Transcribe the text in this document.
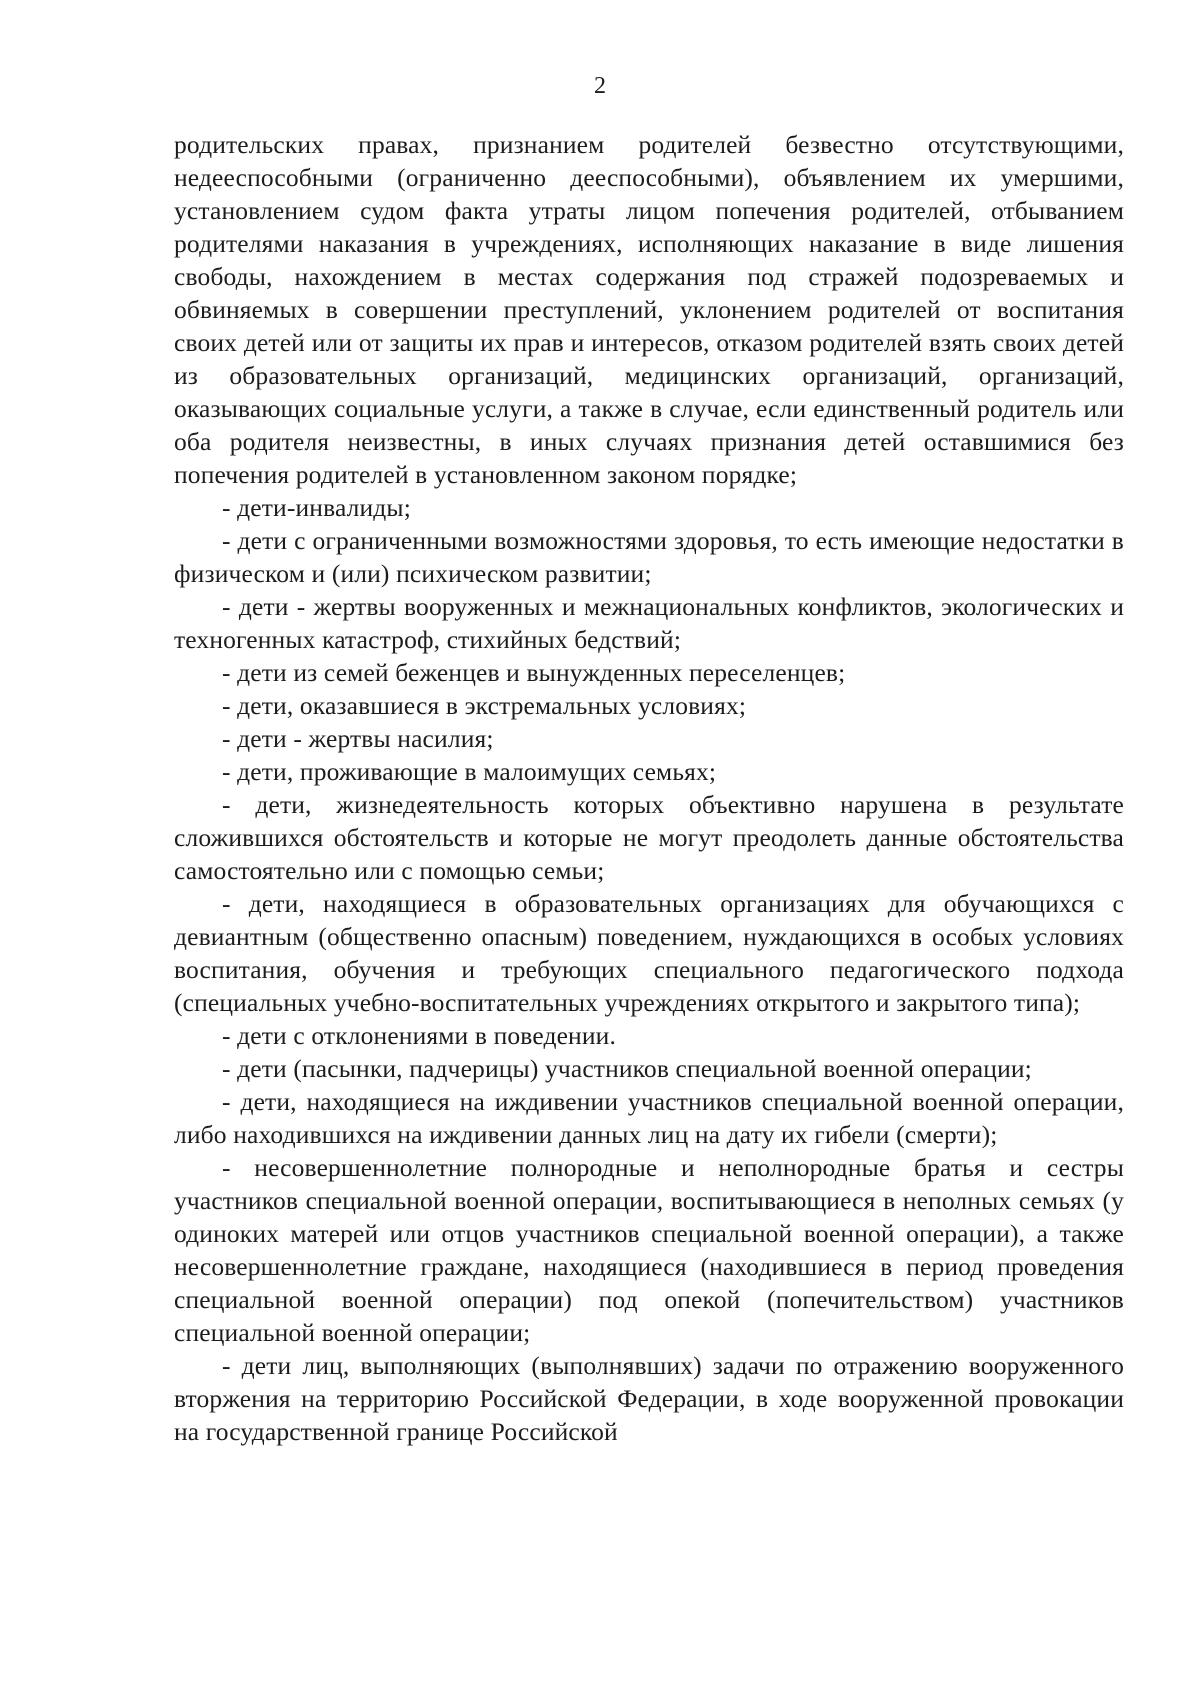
2

родительских правах, признанием родителей безвестно отсутствующими, недееспособными (ограниченно дееспособными), объявлением их умершими, установлением судом факта утраты лицом попечения родителей, отбыванием родителями наказания в учреждениях, исполняющих наказание в виде лишения свободы, нахождением в местах содержания под стражей подозреваемых и обвиняемых в совершении преступлений, уклонением родителей от воспитания своих детей или от защиты их прав и интересов, отказом родителей взять своих детей из образовательных организаций, медицинских организаций, организаций, оказывающих социальные услуги, а также в случае, если единственный родитель или оба родителя неизвестны, в иных случаях признания детей оставшимися без попечения родителей в установленном законом порядке;

- дети-инвалиды;

- дети с ограниченными возможностями здоровья, то есть имеющие недостатки в физическом и (или) психическом развитии;

- дети - жертвы вооруженных и межнациональных конфликтов, экологических и техногенных катастроф, стихийных бедствий;

- дети из семей беженцев и вынужденных переселенцев;

- дети, оказавшиеся в экстремальных условиях;

- дети - жертвы насилия;

- дети, проживающие в малоимущих семьях;

- дети, жизнедеятельность которых объективно нарушена в результате сложившихся обстоятельств и которые не могут преодолеть данные обстоятельства самостоятельно или с помощью семьи;

- дети, находящиеся в образовательных организациях для обучающихся с девиантным (общественно опасным) поведением, нуждающихся в особых условиях воспитания, обучения и требующих специального педагогического подхода (специальных учебно-воспитательных учреждениях открытого и закрытого типа);

- дети с отклонениями в поведении.

- дети (пасынки, падчерицы) участников специальной военной операции;

- дети, находящиеся на иждивении участников специальной военной операции, либо находившихся на иждивении данных лиц на дату их гибели (смерти);

- несовершеннолетние полнородные и неполнородные братья и сестры участников специальной военной операции, воспитывающиеся в неполных семьях (у одиноких матерей или отцов участников специальной военной операции), а также несовершеннолетние граждане, находящиеся (находившиеся в период проведения специальной военной операции) под опекой (попечительством) участников специальной военной операции;

- дети лиц, выполняющих (выполнявших) задачи по отражению вооруженного вторжения на территорию Российской Федерации, в ходе вооруженной провокации на государственной границе Российской
